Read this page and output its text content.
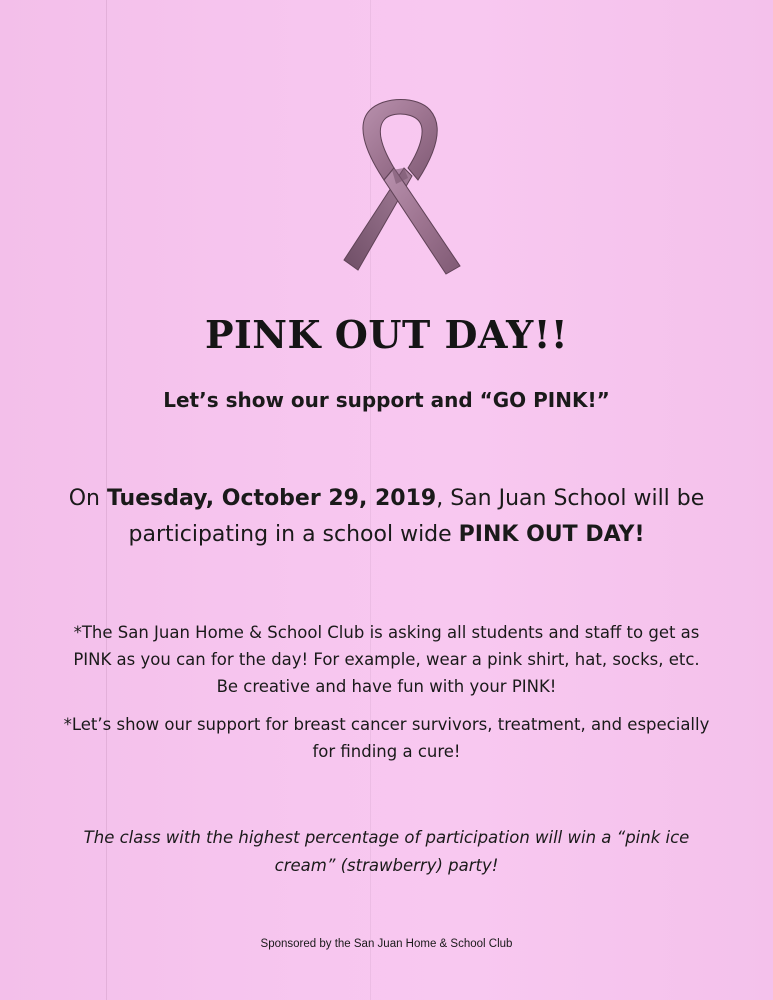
PINK OUT DAY!!
Let’s show our support and “GO PINK!”
On Tuesday, October 29, 2019, San Juan School will be participating in a school wide PINK OUT DAY!
*The San Juan Home & School Club is asking all students and staff to get as PINK as you can for the day! For example, wear a pink shirt, hat, socks, etc. Be creative and have fun with your PINK!
*Let’s show our support for breast cancer survivors, treatment, and especially for finding a cure!
The class with the highest percentage of participation will win a “pink ice cream” (strawberry) party!
Sponsored by the San Juan Home & School Club
